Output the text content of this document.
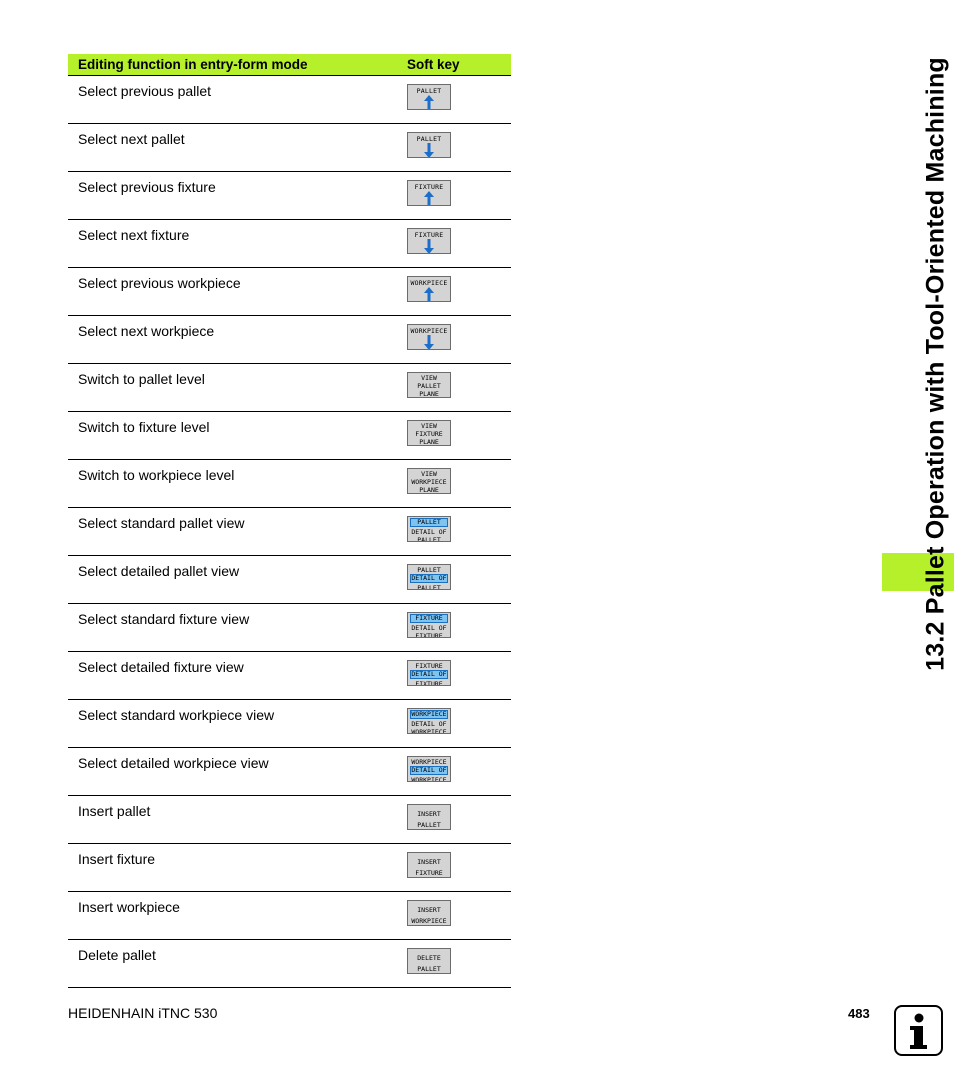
Editing function in entry-form mode	Soft key
Select previous pallet	PALLET
Select next pallet	PALLET
Select previous fixture	FIXTURE
Select next fixture	FIXTURE
Select previous workpiece	WORKPIECE
Select next workpiece	WORKPIECE
Switch to pallet level	VIEW
PALLET
PLANE
Switch to fixture level	VIEW
FIXTURE
PLANE
Switch to workpiece level	VIEW
WORKPIECE
PLANE
Select standard pallet view	PALLET
DETAIL OF
PALLET
Select detailed pallet view	PALLET
DETAIL OF
PALLET
Select standard fixture view	FIXTURE
DETAIL OF
FIXTURE
Select detailed fixture view	FIXTURE
DETAIL OF
FIXTURE
Select standard workpiece view	WORKPIECE
DETAIL OF
WORKPIECE
Select detailed workpiece view	WORKPIECE
DETAIL OF
WORKPIECE
Insert pallet	INSERT
PALLET
Insert fixture	INSERT
FIXTURE
Insert workpiece	INSERT
WORKPIECE
Delete pallet	DELETE
PALLET
13.2 Pallet Operation with Tool-Oriented Machining
HEIDENHAIN iTNC 530	483
